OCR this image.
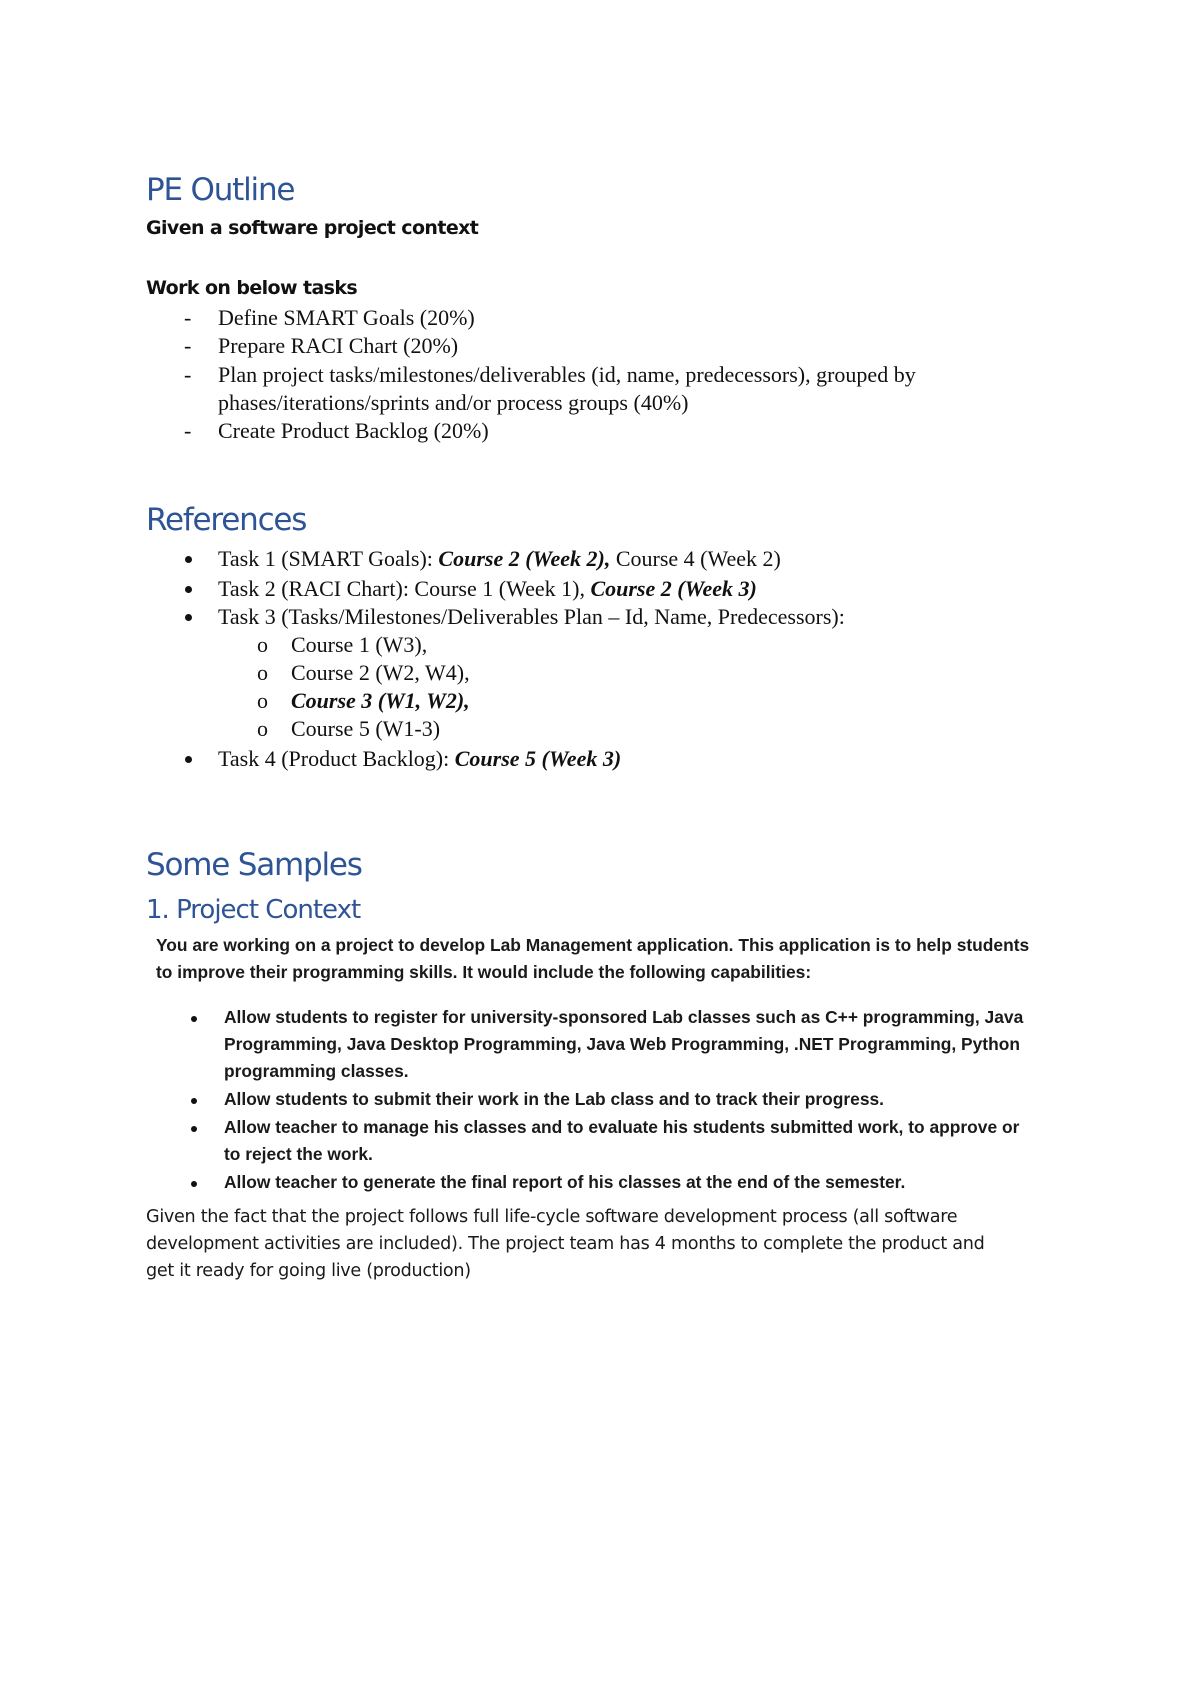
PE Outline
Given a software project context
Work on below tasks
- Define SMART Goals (20%)
- Prepare RACI Chart (20%)
- Plan project tasks/milestones/deliverables (id, name, predecessors), grouped by
phases/iterations/sprints and/or process groups (40%)
- Create Product Backlog (20%)
References
Task 1 (SMART Goals): Course 2 (Week 2), Course 4 (Week 2)
Task 2 (RACI Chart): Course 1 (Week 1), Course 2 (Week 3)
Task 3 (Tasks/Milestones/Deliverables Plan – Id, Name, Predecessors):
o Course 1 (W3),
o Course 2 (W2, W4),
o Course 3 (W1, W2),
o Course 5 (W1-3)
Task 4 (Product Backlog): Course 5 (Week 3)
Some Samples
1. Project Context
You are working on a project to develop Lab Management application. This application is to help students
to improve their programming skills. It would include the following capabilities:
Allow students to register for university-sponsored Lab classes such as C++ programming, Java
Programming, Java Desktop Programming, Java Web Programming, .NET Programming, Python
programming classes.
Allow students to submit their work in the Lab class and to track their progress.
Allow teacher to manage his classes and to evaluate his students submitted work, to approve or
to reject the work.
Allow teacher to generate the final report of his classes at the end of the semester.
Given the fact that the project follows full life-cycle software development process (all software
development activities are included). The project team has 4 months to complete the product and
get it ready for going live (production)
